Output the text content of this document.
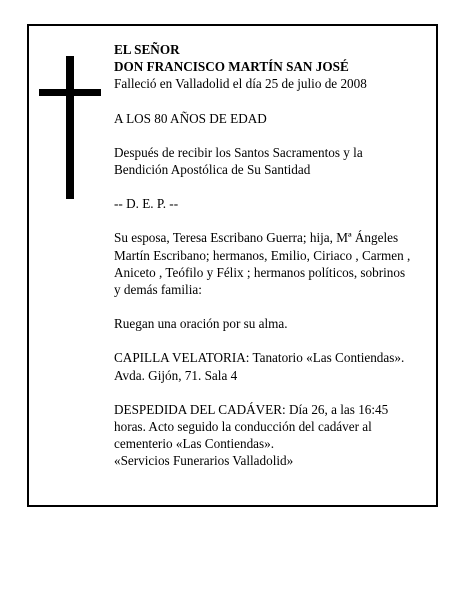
EL SEÑOR
DON FRANCISCO MARTÍN SAN JOSÉ
Falleció en Valladolid el día 25 de julio de 2008

A LOS 80 AÑOS DE EDAD

Después de recibir los Santos Sacramentos y la
Bendición Apostólica de Su Santidad

-- D. E. P. --

Su esposa, Teresa Escribano Guerra; hija, Mª Ángeles
Martín Escribano; hermanos, Emilio, Ciriaco , Carmen ,
Aniceto , Teófilo y Félix ; hermanos políticos, sobrinos
y demás familia:

Ruegan una oración por su alma.

CAPILLA VELATORIA: Tanatorio «Las Contiendas».
Avda. Gijón, 71. Sala 4

DESPEDIDA DEL CADÁVER: Día 26, a las 16:45
horas. Acto seguido la conducción del cadáver al
cementerio «Las Contiendas».
«Servicios Funerarios Valladolid»
